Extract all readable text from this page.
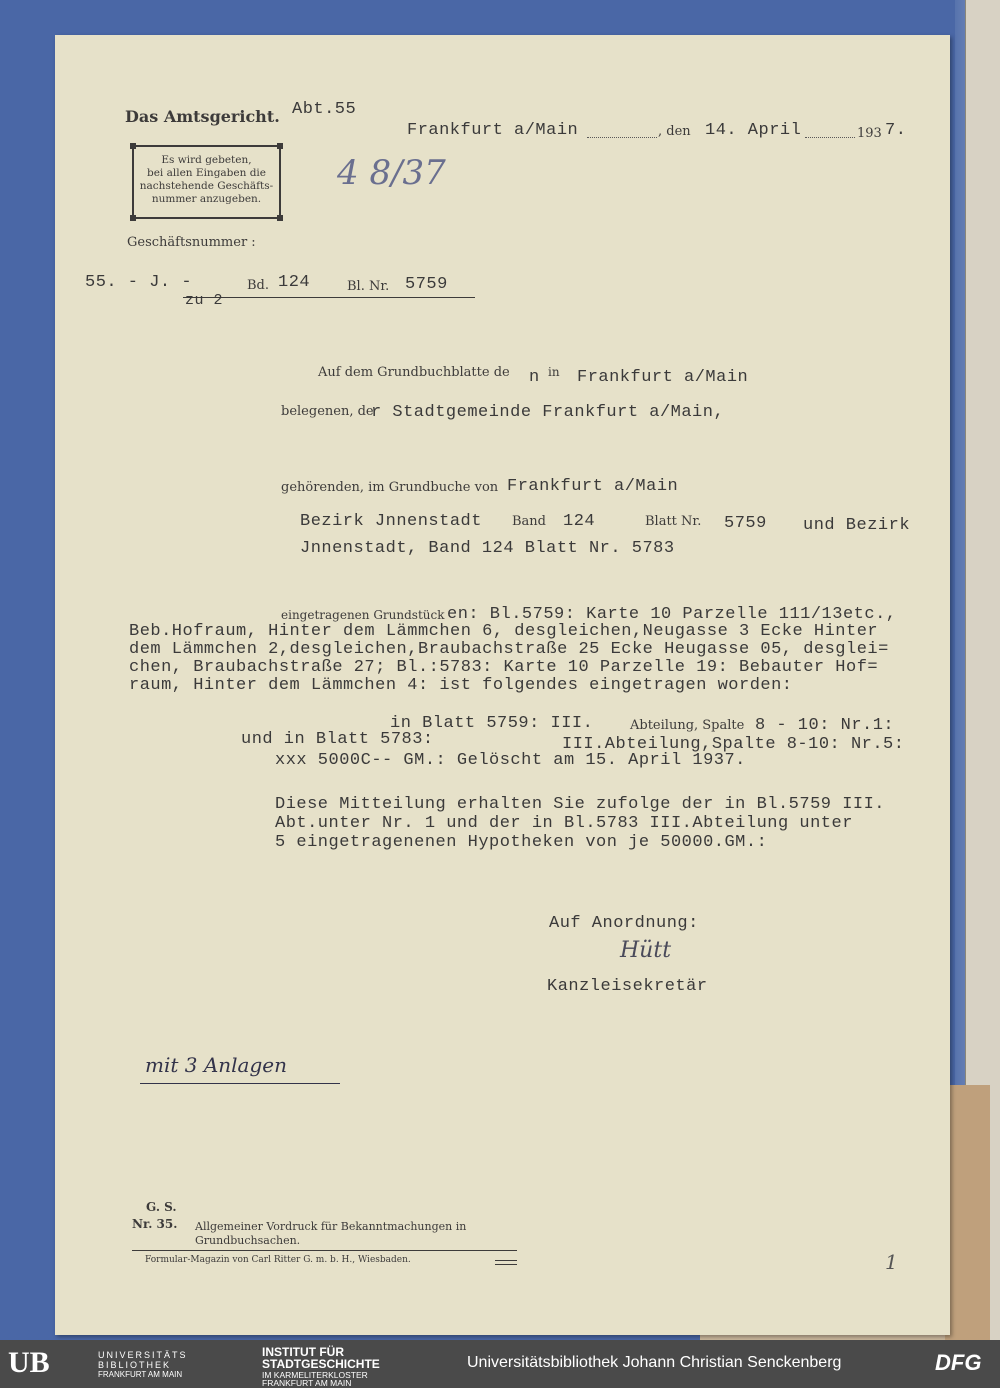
Das Amtsgericht. Abt.55
Frankfurt a/Main	, den 14. April	193 7.
Es wird gebeten,
bei allen Eingaben die
nachstehende Geschäfts-
nummer anzugeben.
4 8/37
Geschäftsnummer :
55. - J. -	Bd. 124	Bl. Nr. 5759
zu 2
Auf dem Grundbuchblatte de n in Frankfurt a/Main
belegenen, de
r Stadtgemeinde Frankfurt a/Main,
gehörenden, im Grundbuche von Frankfurt a/Main
Bezirk Jnnenstadt Band 124	Blatt Nr. 5759 und Bezirk
Jnnenstadt, Band 124 Blatt Nr. 5783
eingetragenen Grundstück en: Bl.5759: Karte 10 Parzelle 111/13etc.,
Beb.Hofraum, Hinter dem Lämmchen 6, desgleichen,Neugasse 3 Ecke Hinter
dem Lämmchen 2,desgleichen,Braubachstraße 25 Ecke Heugasse 05, desglei=
chen, Braubachstraße 27; Bl.:5783: Karte 10 Parzelle 19: Bebauter Hof=
raum, Hinter dem Lämmchen 4: ist folgendes eingetragen worden:
in Blatt 5759: III.	Abteilung, Spalte 8 - 10: Nr.1:
und in Blatt 5783:	III.Abteilung,Spalte 8-10: Nr.5:
xxx 5000C-- GM.: Gelöscht am 15. April 1937.
Diese Mitteilung erhalten Sie zufolge der in Bl.5759 III.
Abt.unter Nr. 1 und der in Bl.5783 III.Abteilung unter
5 eingetragenenen Hypotheken von je 50000.GM.:
Auf Anordnung:
Hütt
Kanzleisekretär
mit 3 Anlagen
G. S.
Nr. 35. Allgemeiner Vordruck für Bekanntmachungen in
Grundbuchsachen.
Formular-Magazin von Carl Ritter G. m. b. H., Wiesbaden.	1
UB	UNIVERSITÄTS
BIBLIOTHEK
FRANKFURT AM MAIN
INSTITUT FÜR
STADTGESCHICHTE
IM KARMELITERKLOSTER
FRANKFURT AM MAIN
Universitätsbibliothek Johann Christian Senckenberg	DFG
